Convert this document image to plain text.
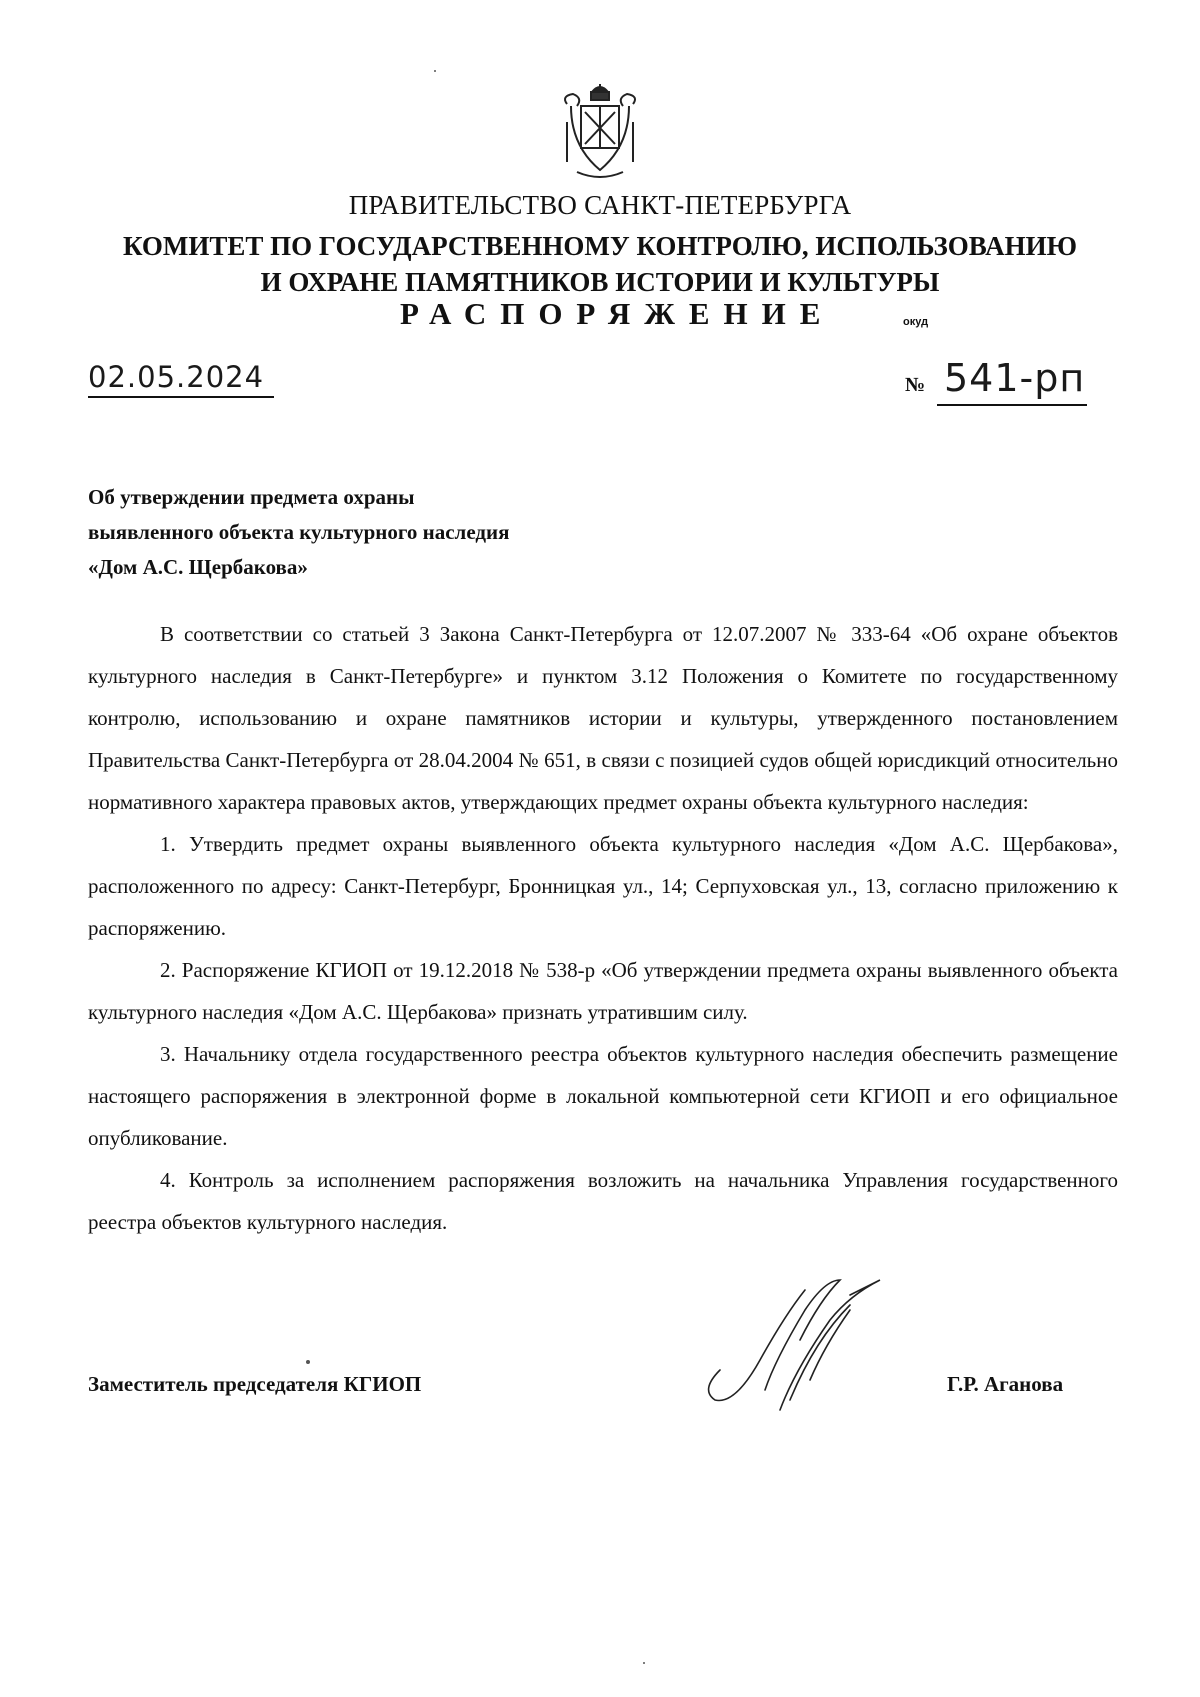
ПРАВИТЕЛЬСТВО САНКТ-ПЕТЕРБУРГА
КОМИТЕТ ПО ГОСУДАРСТВЕННОМУ КОНТРОЛЮ, ИСПОЛЬЗОВАНИЮ
И ОХРАНЕ ПАМЯТНИКОВ ИСТОРИИ И КУЛЬТУРЫ
РАСПОРЯЖЕНИЕ	окуд
02.05.2024	№ 541-рп
Об утверждении предмета охраны
выявленного объекта культурного наследия
«Дом А.С. Щербакова»

В соответствии со статьей 3 Закона Санкт-Петербурга от 12.07.2007 № 333-64 «Об охране объектов культурного наследия в Санкт-Петербурге» и пунктом 3.12 Положения о Комитете по государственному контролю, использованию и охране памятников истории и культуры, утвержденного постановлением Правительства Санкт-Петербурга от 28.04.2004 № 651, в связи с позицией судов общей юрисдикций относительно нормативного характера правовых актов, утверждающих предмет охраны объекта культурного наследия:

1. Утвердить предмет охраны выявленного объекта культурного наследия «Дом А.С. Щербакова», расположенного по адресу: Санкт-Петербург, Бронницкая ул., 14; Серпуховская ул., 13, согласно приложению к распоряжению.

2. Распоряжение КГИОП от 19.12.2018 № 538-р «Об утверждении предмета охраны выявленного объекта культурного наследия «Дом А.С. Щербакова» признать утратившим силу.

3. Начальнику отдела государственного реестра объектов культурного наследия обеспечить размещение настоящего распоряжения в электронной форме в локальной компьютерной сети КГИОП и его официальное опубликование.

4. Контроль за исполнением распоряжения возложить на начальника Управления государственного реестра объектов культурного наследия.

Заместитель председателя КГИОП	Г.Р. Аганова
